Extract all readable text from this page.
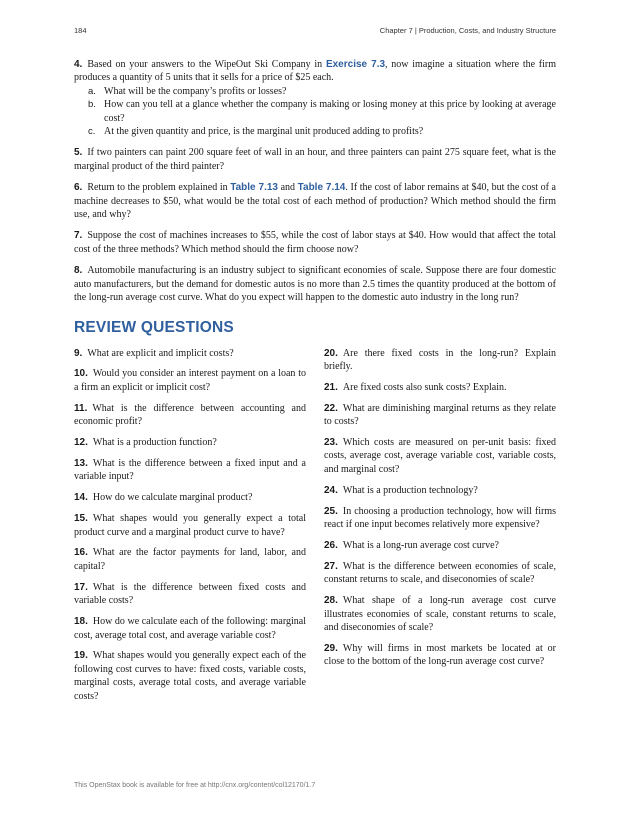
184	Chapter 7 | Production, Costs, and Industry Structure
4. Based on your answers to the WipeOut Ski Company in Exercise 7.3, now imagine a situation where the firm produces a quantity of 5 units that it sells for a price of $25 each.
a. What will be the company’s profits or losses?
b. How can you tell at a glance whether the company is making or losing money at this price by looking at average cost?
c. At the given quantity and price, is the marginal unit produced adding to profits?
5. If two painters can paint 200 square feet of wall in an hour, and three painters can paint 275 square feet, what is the marginal product of the third painter?
6. Return to the problem explained in Table 7.13 and Table 7.14. If the cost of labor remains at $40, but the cost of a machine decreases to $50, what would be the total cost of each method of production? Which method should the firm use, and why?
7. Suppose the cost of machines increases to $55, while the cost of labor stays at $40. How would that affect the total cost of the three methods? Which method should the firm choose now?
8. Automobile manufacturing is an industry subject to significant economies of scale. Suppose there are four domestic auto manufacturers, but the demand for domestic autos is no more than 2.5 times the quantity produced at the bottom of the long-run average cost curve. What do you expect will happen to the domestic auto industry in the long run?
REVIEW QUESTIONS
9. What are explicit and implicit costs?
10. Would you consider an interest payment on a loan to a firm an explicit or implicit cost?
11. What is the difference between accounting and economic profit?
12. What is a production function?
13. What is the difference between a fixed input and a variable input?
14. How do we calculate marginal product?
15. What shapes would you generally expect a total product curve and a marginal product curve to have?
16. What are the factor payments for land, labor, and capital?
17. What is the difference between fixed costs and variable costs?
18. How do we calculate each of the following: marginal cost, average total cost, and average variable cost?
19. What shapes would you generally expect each of the following cost curves to have: fixed costs, variable costs, marginal costs, average total costs, and average variable costs?
20. Are there fixed costs in the long-run? Explain briefly.
21. Are fixed costs also sunk costs? Explain.
22. What are diminishing marginal returns as they relate to costs?
23. Which costs are measured on per-unit basis: fixed costs, average cost, average variable cost, variable costs, and marginal cost?
24. What is a production technology?
25. In choosing a production technology, how will firms react if one input becomes relatively more expensive?
26. What is a long-run average cost curve?
27. What is the difference between economies of scale, constant returns to scale, and diseconomies of scale?
28. What shape of a long-run average cost curve illustrates economies of scale, constant returns to scale, and diseconomies of scale?
29. Why will firms in most markets be located at or close to the bottom of the long-run average cost curve?
This OpenStax book is available for free at http://cnx.org/content/col12170/1.7
